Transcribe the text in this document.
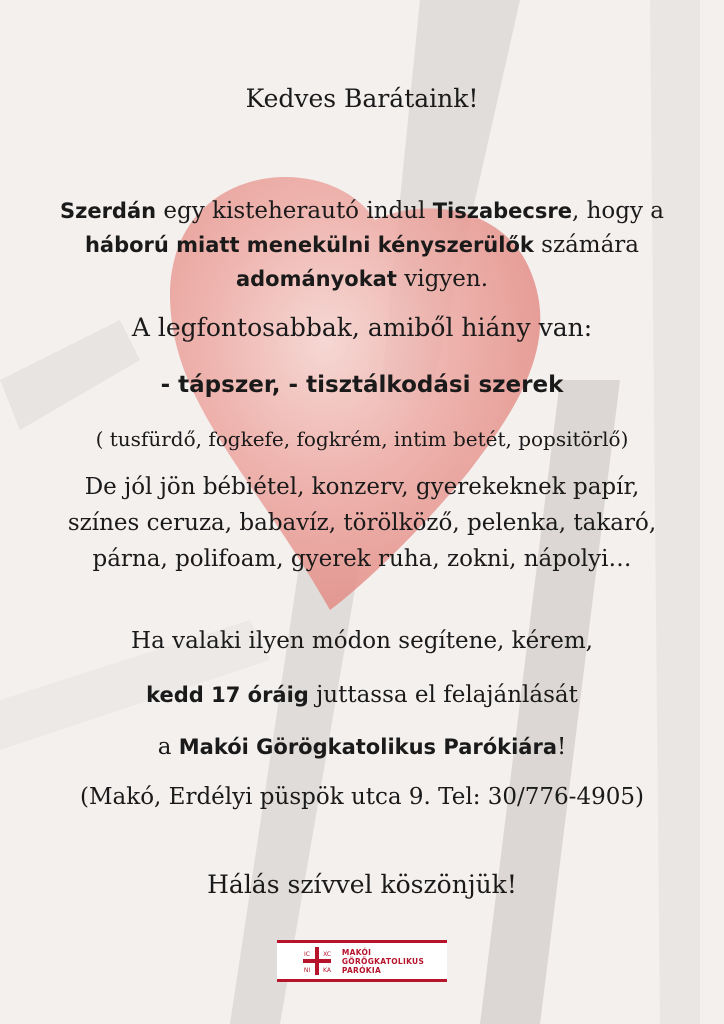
Kedves Barátaink!
Szerdán egy kisteherautó indul Tiszabecsre, hogy a
háború miatt menekülni kényszerülők számára
adományokat vigyen.
A legfontosabbak, amiből hiány van:
- tápszer, - tisztálkodási szerek
( tusfürdő, fogkefe, fogkrém, intim betét, popsitörlő)
De jól jön bébiétel, konzerv, gyerekeknek papír,
színes ceruza, babavíz, törölköző, pelenka, takaró,
párna, polifoam, gyerek ruha, zokni, nápolyi…
Ha valaki ilyen módon segítene, kérem,
kedd 17 óráig juttassa el felajánlását
a Makói Görögkatolikus Parókiára!
(Makó, Erdélyi püspök utca 9. Tel: 30/776-4905)
Hálás szívvel köszönjük!
IC XC
NI KA
MAKÓI
GÖRÖGKATOLIKUS
PARÓKIA
